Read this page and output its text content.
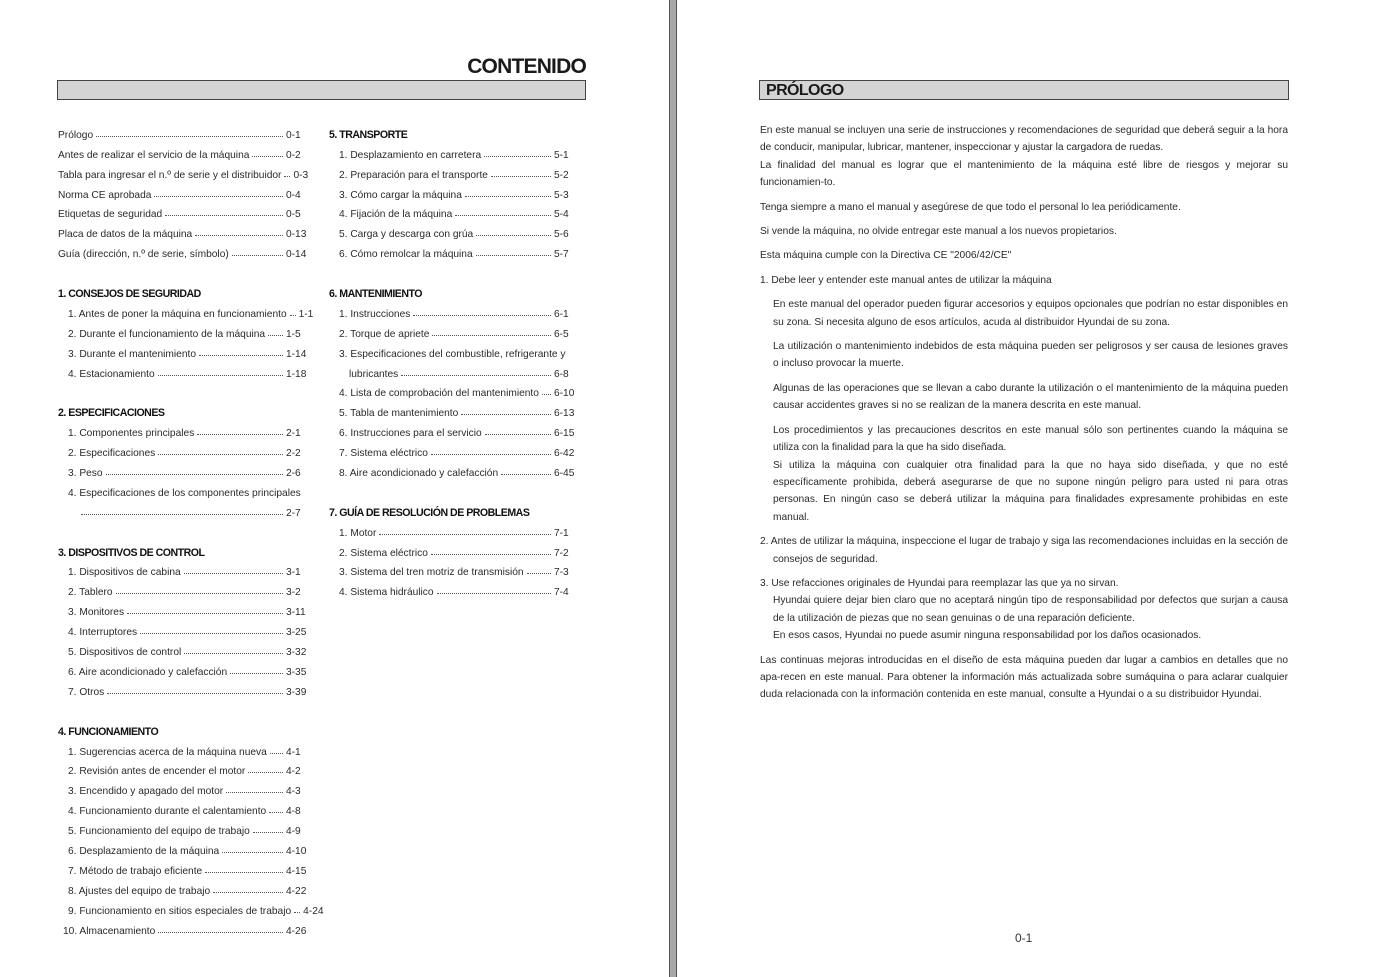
CONTENIDO
Prólogo	0-1
Antes de realizar el servicio de la máquina	0-2
Tabla para ingresar el n.º de serie y el distribuidor 0-3
Norma CE aprobada	0-4
Etiquetas de seguridad	0-5
Placa de datos de la máquina	0-13
Guía (dirección, n.º de serie, símbolo)	0-14
1. CONSEJOS DE SEGURIDAD
1. Antes de poner la máquina en funcionamiento 1-1
2. Durante el funcionamiento de la máquina 1-5
3. Durante el mantenimiento	1-14
4. Estacionamiento	1-18
2. ESPECIFICACIONES
1. Componentes principales	2-1
2. Especificaciones	2-2
3. Peso	2-6
4. Especificaciones de los componentes principales
2-7
3. DISPOSITIVOS DE CONTROL
1. Dispositivos de cabina	3-1
2. Tablero	3-2
3. Monitores	3-11
4. Interruptores	3-25
5. Dispositivos de control	3-32
6. Aire acondicionado y calefacción	3-35
7. Otros	3-39
4. FUNCIONAMIENTO
1. Sugerencias acerca de la máquina nueva 4-1
2. Revisión antes de encender el motor	4-2
3. Encendido y apagado del motor	4-3
4. Funcionamiento durante el calentamiento 4-8
5. Funcionamiento del equipo de trabajo	4-9
6. Desplazamiento de la máquina	4-10
7. Método de trabajo eficiente	4-15
8. Ajustes del equipo de trabajo	4-22
9. Funcionamiento en sitios especiales de trabajo 4-24
10. Almacenamiento	4-26
5. TRANSPORTE
1. Desplazamiento en carretera	5-1
2. Preparación para el transporte	5-2
3. Cómo cargar la máquina	5-3
4. Fijación de la máquina	5-4
5. Carga y descarga con grúa	5-6
6. Cómo remolcar la máquina	5-7
6. MANTENIMIENTO
1. Instrucciones	6-1
2. Torque de apriete	6-5
3. Especificaciones del combustible, refrigerante y
lubricantes	6-8
4. Lista de comprobación del mantenimiento 6-10
5. Tabla de mantenimiento	6-13
6. Instrucciones para el servicio	6-15
7. Sistema eléctrico	6-42
8. Aire acondicionado y calefacción	6-45
7. GUÍA DE RESOLUCIÓN DE PROBLEMAS
1. Motor	7-1
2. Sistema eléctrico	7-2
3. Sistema del tren motriz de transmisión	7-3
4. Sistema hidráulico	7-4
PRÓLOGO

En este manual se incluyen una serie de instrucciones y recomendaciones de seguridad que deberá seguir a la hora de conducir, manipular, lubricar, mantener, inspeccionar y ajustar la cargadora de ruedas.

La finalidad del manual es lograr que el mantenimiento de la máquina esté libre de riesgos y mejorar su funcionamien-to.

Tenga siempre a mano el manual y asegúrese de que todo el personal lo lea periódicamente.

Si vende la máquina, no olvide entregar este manual a los nuevos propietarios.

Esta máquina cumple con la Directiva CE "2006/42/CE"

1. Debe leer y entender este manual antes de utilizar la máquina

En este manual del operador pueden figurar accesorios y equipos opcionales que podrían no estar disponibles en su zona. Si necesita alguno de esos artículos, acuda al distribuidor Hyundai de su zona.

La utilización o mantenimiento indebidos de esta máquina pueden ser peligrosos y ser causa de lesiones graves o incluso provocar la muerte.

Algunas de las operaciones que se llevan a cabo durante la utilización o el mantenimiento de la máquina pueden causar accidentes graves si no se realizan de la manera descrita en este manual.

Los procedimientos y las precauciones descritos en este manual sólo son pertinentes cuando la máquina se utiliza con la finalidad para la que ha sido diseñada.

Si utiliza la máquina con cualquier otra finalidad para la que no haya sido diseñada, y que no esté específicamente prohibida, deberá asegurarse de que no supone ningún peligro para usted ni para otras personas. En ningún caso se deberá utilizar la máquina para finalidades expresamente prohibidas en este manual.

2. Antes de utilizar la máquina, inspeccione el lugar de trabajo y siga las recomendaciones incluidas en la sección de consejos de seguridad.

3. Use refacciones originales de Hyundai para reemplazar las que ya no sirvan.

Hyundai quiere dejar bien claro que no aceptará ningún tipo de responsabilidad por defectos que surjan a causa de la utilización de piezas que no sean genuinas o de una reparación deficiente.

En esos casos, Hyundai no puede asumir ninguna responsabilidad por los daños ocasionados.

Las continuas mejoras introducidas en el diseño de esta máquina pueden dar lugar a cambios en detalles que no apa-recen en este manual. Para obtener la información más actualizada sobre sumáquina o para aclarar cualquier duda relacionada con la información contenida en este manual, consulte a Hyundai o a su distribuidor Hyundai.

0-1
